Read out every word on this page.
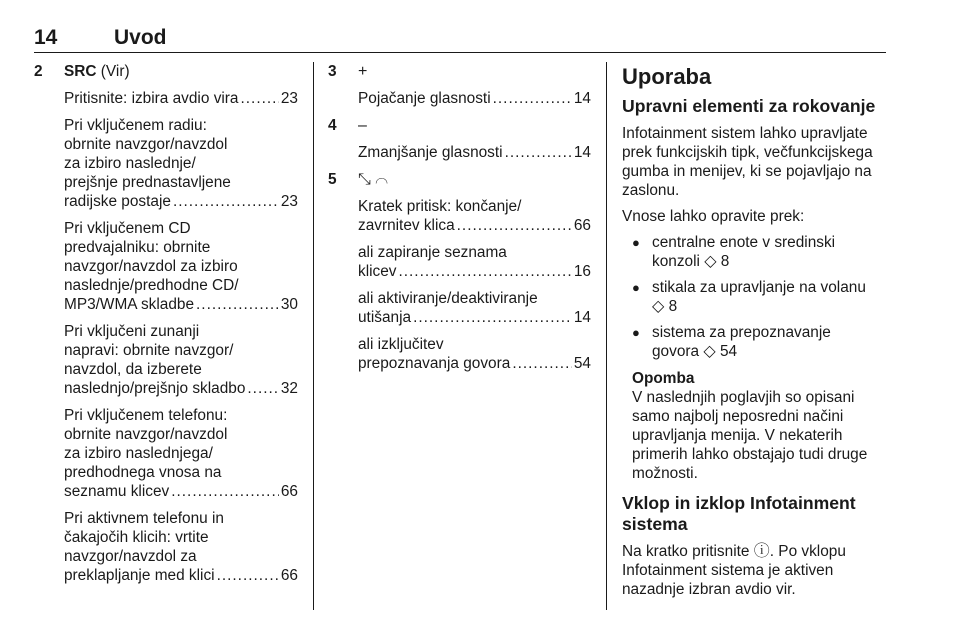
14	Uvod
2 SRC (Vir)
Pritisnite: izbira avdio vira .....	23
Pri vključenem radiu:
obrnite navzgor/navzdol
za izbiro naslednje/
prejšnje prednastavljene
radijske postaje .....	23
Pri vključenem CD
predvajalniku: obrnite
navzgor/navzdol za izbiro
naslednje/predhodne CD/
MP3/WMA skladbe .....	30
Pri vključeni zunanji
napravi: obrnite navzgor/
navzdol, da izberete
naslednjo/prejšnjo skladbo ..... 32
Pri vključenem telefonu:
obrnite navzgor/navzdol
za izbiro naslednjega/
predhodnega vnosa na
seznamu klicev .....	66
Pri aktivnem telefonu in
čakajočih klicih: vrtite
navzgor/navzdol za
preklapljanje med klici .....	66
3 +
Pojačanje glasnosti .....	14
4 –
Zmanjšanje glasnosti .....	14
5 ⤡ ⌒
Kratek pritisk: končanje/
zavrnitev klica .....	66
ali zapiranje seznama
klicev .....	16
ali aktiviranje/deaktiviranje
utišanja .....	14
ali izključitev
prepoznavanja govora .....	54
Uporaba
Upravni elementi za rokovanje
Infotainment sistem lahko upravljate
prek funkcijskih tipk, večfunkcijskega
gumba in menijev, ki se pojavljajo na
zaslonu.
Vnose lahko opravite prek:
● centralne enote v sredinski
konzoli ◇ 8
● stikala za upravljanje na volanu
◇ 8
● sistema za prepoznavanje
govora ◇ 54
Opomba
V naslednjih poglavjih so opisani
samo najbolj neposredni načini
upravljanja menija. V nekaterih
primerih lahko obstajajo tudi druge
možnosti.
Vklop in izklop Infotainment
sistema
Na kratko pritisnite ⓘ. Po vklopu
Infotainment sistema je aktiven
nazadnje izbran avdio vir.
